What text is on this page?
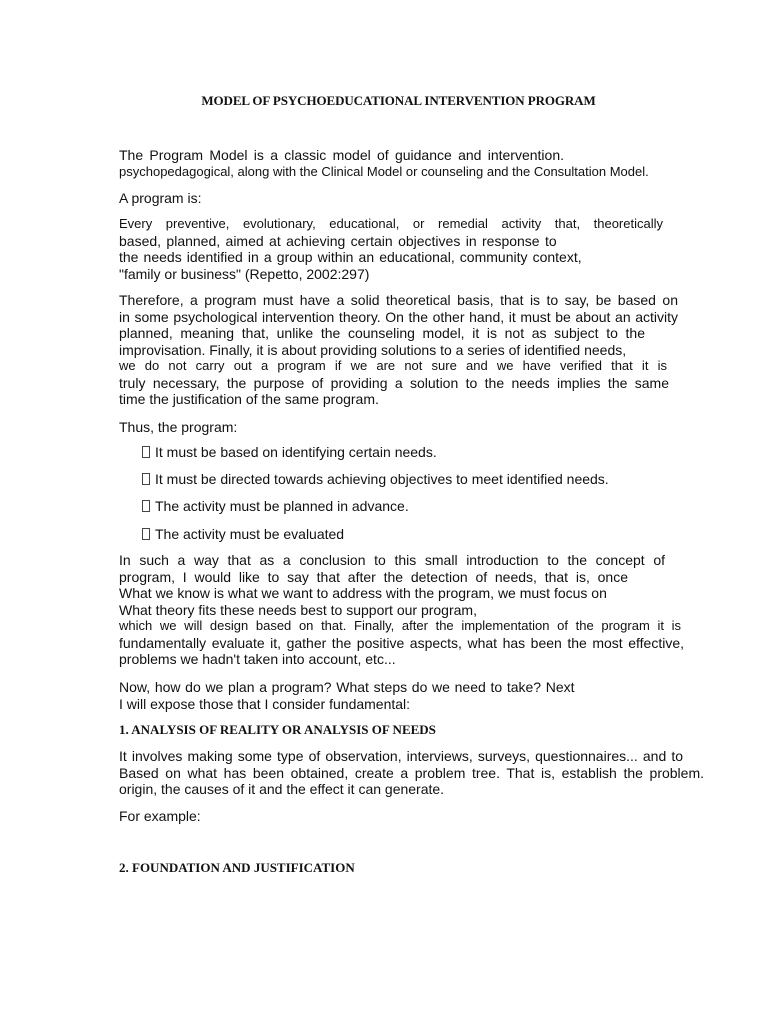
MODEL OF PSYCHOEDUCATIONAL INTERVENTION PROGRAM
The Program Model is a classic model of guidance and intervention.
psychopedagogical, along with the Clinical Model or counseling and the Consultation Model.

A program is:

Every preventive, evolutionary, educational, or remedial activity that, theoretically
based, planned, aimed at achieving certain objectives in response to
the needs identified in a group within an educational, community context,
"family or business" (Repetto, 2002:297)
Therefore, a program must have a solid theoretical basis, that is to say, be based on
in some psychological intervention theory. On the other hand, it must be about an activity
planned, meaning that, unlike the counseling model, it is not as subject to the
improvisation. Finally, it is about providing solutions to a series of identified needs,
we do not carry out a program if we are not sure and we have verified that it is
truly necessary, the purpose of providing a solution to the needs implies the same
time the justification of the same program.

Thus, the program:

It must be based on identifying certain needs.
It must be directed towards achieving objectives to meet identified needs.
The activity must be planned in advance.
The activity must be evaluated
In such a way that as a conclusion to this small introduction to the concept of
program, I would like to say that after the detection of needs, that is, once
What we know is what we want to address with the program, we must focus on
What theory fits these needs best to support our program,
which we will design based on that. Finally, after the implementation of the program it is
fundamentally evaluate it, gather the positive aspects, what has been the most effective,
problems we hadn't taken into account, etc...
Now, how do we plan a program? What steps do we need to take? Next
I will expose those that I consider fundamental:
1. ANALYSIS OF REALITY OR ANALYSIS OF NEEDS
It involves making some type of observation, interviews, surveys, questionnaires... and to
Based on what has been obtained, create a problem tree. That is, establish the problem.
origin, the causes of it and the effect it can generate.

For example:

2. FOUNDATION AND JUSTIFICATION
